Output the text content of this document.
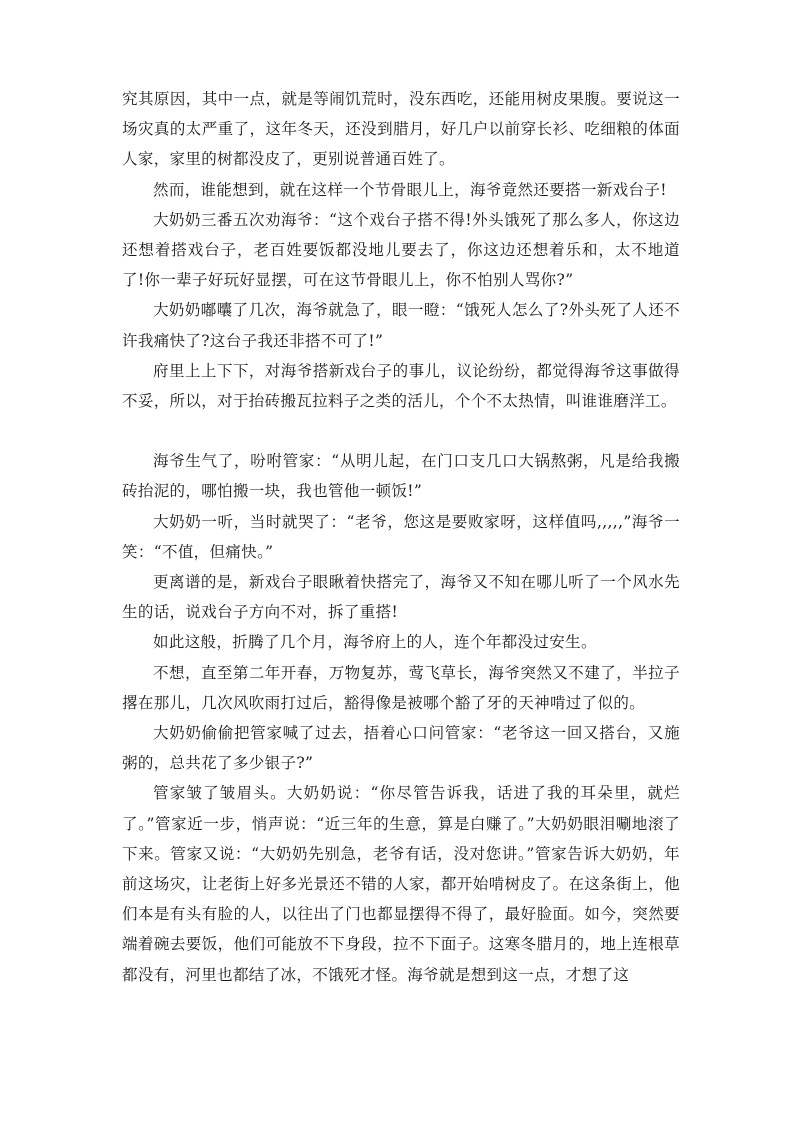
究其原因，其中一点，就是等闹饥荒时，没东西吃，还能用树皮果腹。要说这一场灾真的太严重了，这年冬天，还没到腊月，好几户以前穿长衫、吃细粮的体面人家，家里的树都没皮了，更别说普通百姓了。

然而，谁能想到，就在这样一个节骨眼儿上，海爷竟然还要搭一新戏台子!

大奶奶三番五次劝海爷：“这个戏台子搭不得!外头饿死了那么多人，你这边还想着搭戏台子，老百姓要饭都没地儿要去了，你这边还想着乐和，太不地道了!你一辈子好玩好显摆，可在这节骨眼儿上，你不怕别人骂你?”

大奶奶嘟囔了几次，海爷就急了，眼一瞪：“饿死人怎么了?外头死了人还不许我痛快了?这台子我还非搭不可了!”

府里上上下下，对海爷搭新戏台子的事儿，议论纷纷，都觉得海爷这事做得不妥，所以，对于抬砖搬瓦拉料子之类的活儿，个个不太热情，叫谁谁磨洋工。

海爷生气了，吩咐管家：“从明儿起，在门口支几口大锅熬粥，凡是给我搬砖抬泥的，哪怕搬一块，我也管他一顿饭!”

大奶奶一听，当时就哭了：“老爷，您这是要败家呀，这样值吗,,,,,”海爷一笑：“不值，但痛快。”

更离谱的是，新戏台子眼瞅着快搭完了，海爷又不知在哪儿听了一个风水先生的话，说戏台子方向不对，拆了重搭!

如此这般，折腾了几个月，海爷府上的人，连个年都没过安生。

不想，直至第二年开春，万物复苏，莺飞草长，海爷突然又不建了，半拉子撂在那儿，几次风吹雨打过后，豁得像是被哪个豁了牙的天神啃过了似的。

大奶奶偷偷把管家喊了过去，捂着心口问管家：“老爷这一回又搭台，又施粥的，总共花了多少银子?”

管家皱了皱眉头。大奶奶说：“你尽管告诉我，话进了我的耳朵里，就烂了。”管家近一步，悄声说：“近三年的生意，算是白赚了。”大奶奶眼泪唰地滚了下来。管家又说：“大奶奶先别急，老爷有话，没对您讲。”管家告诉大奶奶，年前这场灾，让老街上好多光景还不错的人家，都开始啃树皮了。在这条街上，他们本是有头有脸的人，以往出了门也都显摆得不得了，最好脸面。如今，突然要端着碗去要饭，他们可能放不下身段，拉不下面子。这寒冬腊月的，地上连根草都没有，河里也都结了冰，不饿死才怪。海爷就是想到这一点，才想了这
